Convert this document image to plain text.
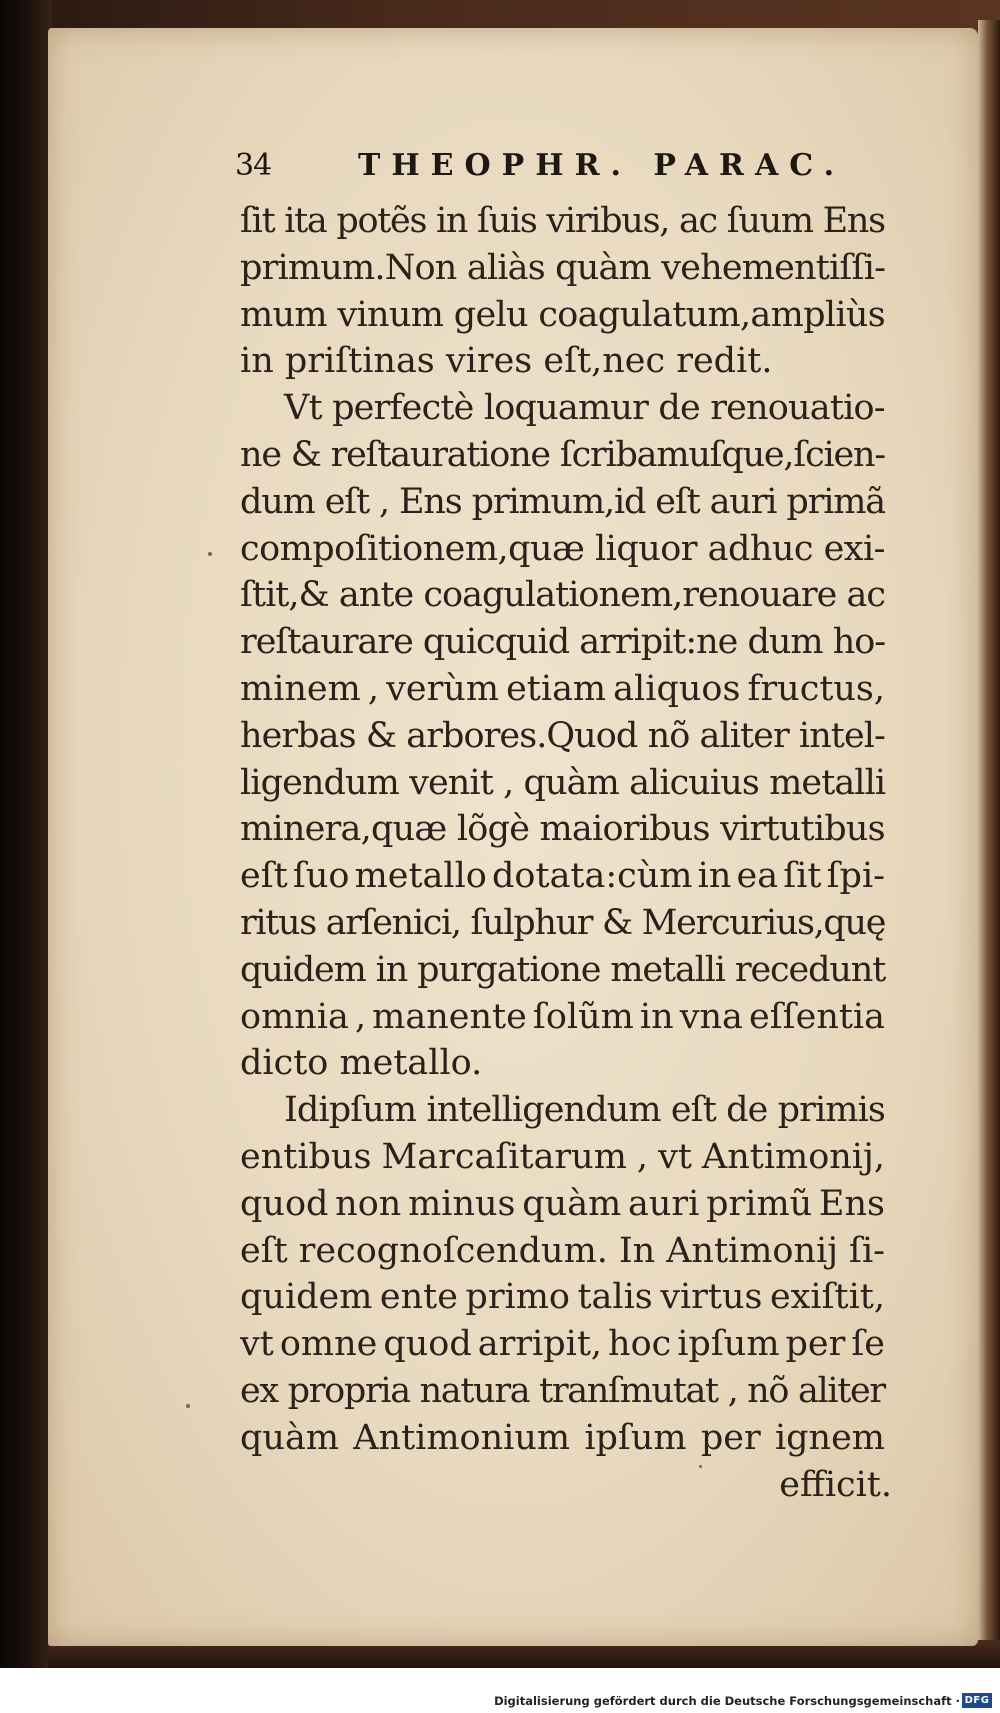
34	THEOPHR. PARAC.
ſit ita potẽs in ſuis viribus, ac ſuum Ens
primum.Non aliàs quàm vehementiſſi-
mum vinum gelu coagulatum,ampliùs
in priſtinas vires eſt,nec redit.
Vt perfectè loquamur de renouatio-
ne & reſtauratione ſcribamuſque,ſcien-
dum eſt , Ens primum,id eſt auri primã
compoſitionem,quæ liquor adhuc exi-
ſtit,& ante coagulationem,renouare ac
reſtaurare quicquid arripit:ne dum ho-
minem , verùm etiam aliquos fructus,
herbas & arbores.Quod nõ aliter intel-
ligendum venit , quàm alicuius metalli
minera,quæ lõgè maioribus virtutibus
eſt ſuo metallo dotata:cùm in ea ſit ſpi-
ritus arſenici, ſulphur & Mercurius,quę
quidem in purgatione metalli recedunt
omnia , manente ſolũm in vna eſſentia
dicto metallo.
Idipſum intelligendum eſt de primis
entibus Marcaſitarum , vt Antimonij,
quod non minus quàm auri primũ Ens
eſt recognoſcendum. In Antimonij ſi-
quidem ente primo talis virtus exiſtit,
vt omne quod arripit, hoc ipſum per ſe
ex propria natura tranſmutat , nõ aliter
quàm Antimonium ipſum per ignem
efficit.
Digitalisierung gefördert durch die Deutsche Forschungsgemeinschaft · DFG
